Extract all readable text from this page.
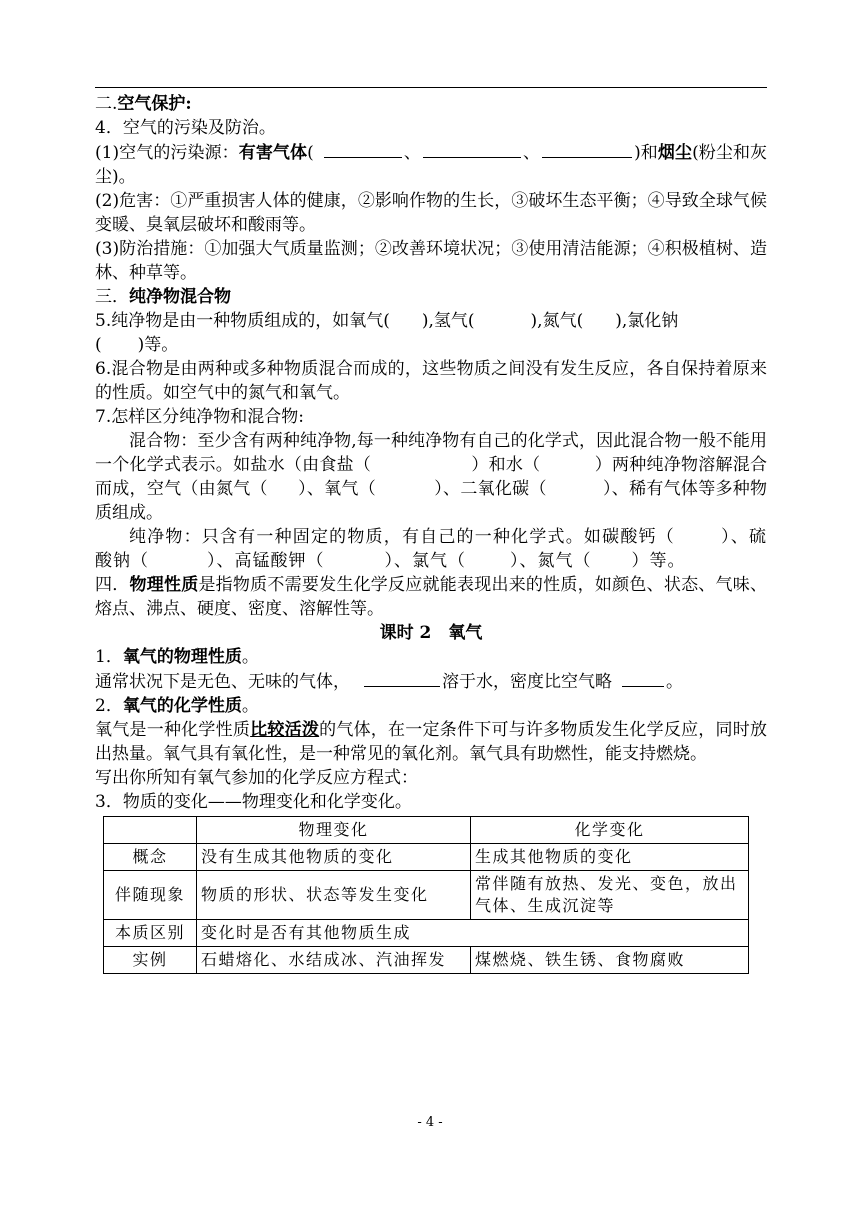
二.空气保护:

4．空气的污染及防治。

(1)空气的污染源：有害气体(	、	、	)和烟尘(粉尘和灰尘)。

(2)危害：①严重损害人体的健康，②影响作物的生长，③破坏生态平衡；④导致全球气候变暖、臭氧层破坏和酸雨等。

(3)防治措施：①加强大气质量监测；②改善环境状况；③使用清洁能源；④积极植树、造林、种草等。

三．纯净物混合物

5.纯净物是由一种物质组成的，如氧气( ),氢气(	),氮气( ),氯化钠
( )等。

6.混合物是由两种或多种物质混合而成的，这些物质之间没有发生反应，各自保持着原来的性质。如空气中的氮气和氧气。

7.怎样区分纯净物和混合物:

混合物：至少含有两种纯净物,每一种纯净物有自己的化学式，因此混合物一般不能用一个化学式表示。如盐水（由食盐（	）和水（	）两种纯净物溶解混合而成，空气（由氮气（ ）、氧气（	）、二氧化碳（	）、稀有气体等多种物质组成。

纯净物：只含有一种固定的物质，有自己的一种化学式。如碳酸钙（	）、硫酸钠（	）、高锰酸钾（	）、氯气（	）、氮气（ ）等。

四．物理性质是指物质不需要发生化学反应就能表现出来的性质，如颜色、状态、气味、熔点、沸点、硬度、密度、溶解性等。

课时 2　氧气

1．氧气的物理性质。

通常状况下是无色、无味的气体，	溶于水，密度比空气略	。

2．氧气的化学性质。

氧气是一种化学性质比较活泼的气体，在一定条件下可与许多物质发生化学反应，同时放出热量。氧气具有氧化性，是一种常见的氧化剂。氧气具有助燃性，能支持燃烧。

写出你所知有氧气参加的化学反应方程式：

3．物质的变化——物理变化和化学变化。

	物理变化	化学变化
概念	没有生成其他物质的变化	生成其他物质的变化
伴随现象	物质的形状、状态等发生变化	常伴随有放热、发光、变色，放出气体、生成沉淀等
本质区别	变化时是否有其他物质生成	
实例	石蜡熔化、水结成冰、汽油挥发	煤燃烧、铁生锈、食物腐败
- 4 -
